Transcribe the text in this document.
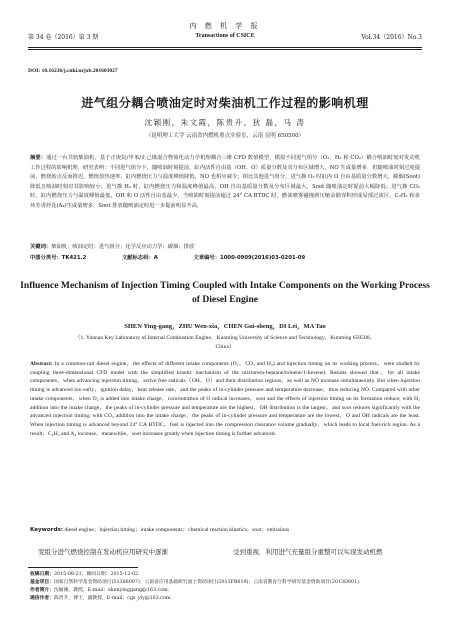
第 34 卷（2016）第 3 期
内 燃 机 学 报
Transactions of CSICE	Vol.34（2016）No.3
DOI: 10.16236/j.cnki.nrjxb.201603027
进气组分耦合喷油定时对柴油机工作过程的影响机理
沈颖刚，朱文霞，陈贵升，狄 磊，马 涛
（昆明理工大学 云南省内燃机重点实验室，云南 昆明 650500）
摘要：通过一台共轨柴油机，基于正庚烷/甲苯/正己烯混合物简化动力学机理耦合三维 CFD 数值模型，模拟不同进气组分（O₂、H₂ 和 CO₂）耦合喷油时刻对发动机工作过程的影响机理．研究表明：不同进气组分下，随喷油时刻提前，缸内活性自由基（OH、O）质量分数及其分布区域增大，NO 生成量增多．但随喷油时刻过度提前，燃烧始点反而推迟，燃烧放热速率、缸内燃烧压力与温度峰值降低，NO 也相应减少；相比其他进气组分，进气掺 O₂ 时缸内 O 自由基质量分数增大，碳烟(Soot)降低且喷油时刻对其影响较小；进气掺 H₂ 时，缸内燃烧压力和温度峰值最高，OH 自由基质量分数及分布区域最大，Soot 随喷油定时提前大幅降低；进气掺 CO₂ 时，缸内燃烧压力与温度峰值最低，OH 和 O 活性自由基最少，当喷油时刻提前超过 24° CA BTDC 时，燃油喷雾碰撞到压缩余隙容积形成局部过浓区，C₂H₂ 和多环芳香烃芘(A₄)生成量增多，Soot 排放随喷油定时进一步提前明显升高．
关键词：柴油机；喷油定时；进气组分；化学反应动力学；碳烟；排放
中图分类号：TK421.2	文献标志码：A	文章编号：1000-0909(2016)03-0201-09
Influence Mechanism of Injection Timing Coupled with Intake Components on the Working Process of Diesel Engine
SHEN Ying-gang，ZHU Wen-xia，CHEN Gui-sheng，DI Lei，MA Tao
（1. Yunnan Key Laboratory of Internal Combustion Engine，Kunming University of Science and Technology，Kunming 650500，China）
Abstract: In a common-rail diesel engine，the effects of different intake components (O₂，CO₂ and H₂) and injection timing on its working process，were studied by coupling three-dimensional CFD model with the simplified kinetic mechanism of the mixture(n-heptane/toluene/1-hexene). Results showed that，for all intake components，when advancing injection timing，active free radicals（OH，O）and their distribution regions，as well as NO increase simultaneously. But when injection timing is advanced too early，ignition delay，heat release rate，and the peaks of in-cylinder pressure and temperature decrease，thus reducing NO. Compared with other intake components，when O₂ is added into intake charge，concentration of O radical increases，soot and the effects of injection timing on its formation reduce; with H₂ addition into the intake charge，the peaks of in-cylinder pressure and temperature are the highest，OH distribution is the largest，and soot reduces significantly with the advanced injection timing; with CO₂ addition into the intake charge，the peaks of in-cylinder pressure and temperature are the lowest，O and OH radicals are the least. When injection timing is advanced beyond 24° CA BTDC，fuel is injected into the compression clearance volume gradually，which leads to local fuel-rich region. As a result，C₂H₂ and A₄ increase，meanwhile，soot increases greatly when injection timing is further advanced.
Keywords: diesel engine；injection timing；intake components；chemical reaction kinetics；soot；emissions
变组分进气燃烧控制在发动机应用研究中逐渐	受到重视．利用进气充量组分重整可以实现发动机燃
收稿日期：2015-08-21；修回日期：2015-12-02.
基金项目：国家自然科学基金资助项目(51366007)；云南省应用基础研究面上资助项目(2013FB019)；云南省教育厅科学研究基金资助项目(2013D001)．
作者简介：沈颖刚，教授，E-mail：shenyinggang@163.com.
通信作者：陈贵升，博士，副教授，E-mail：cgs_yly@163.com.
